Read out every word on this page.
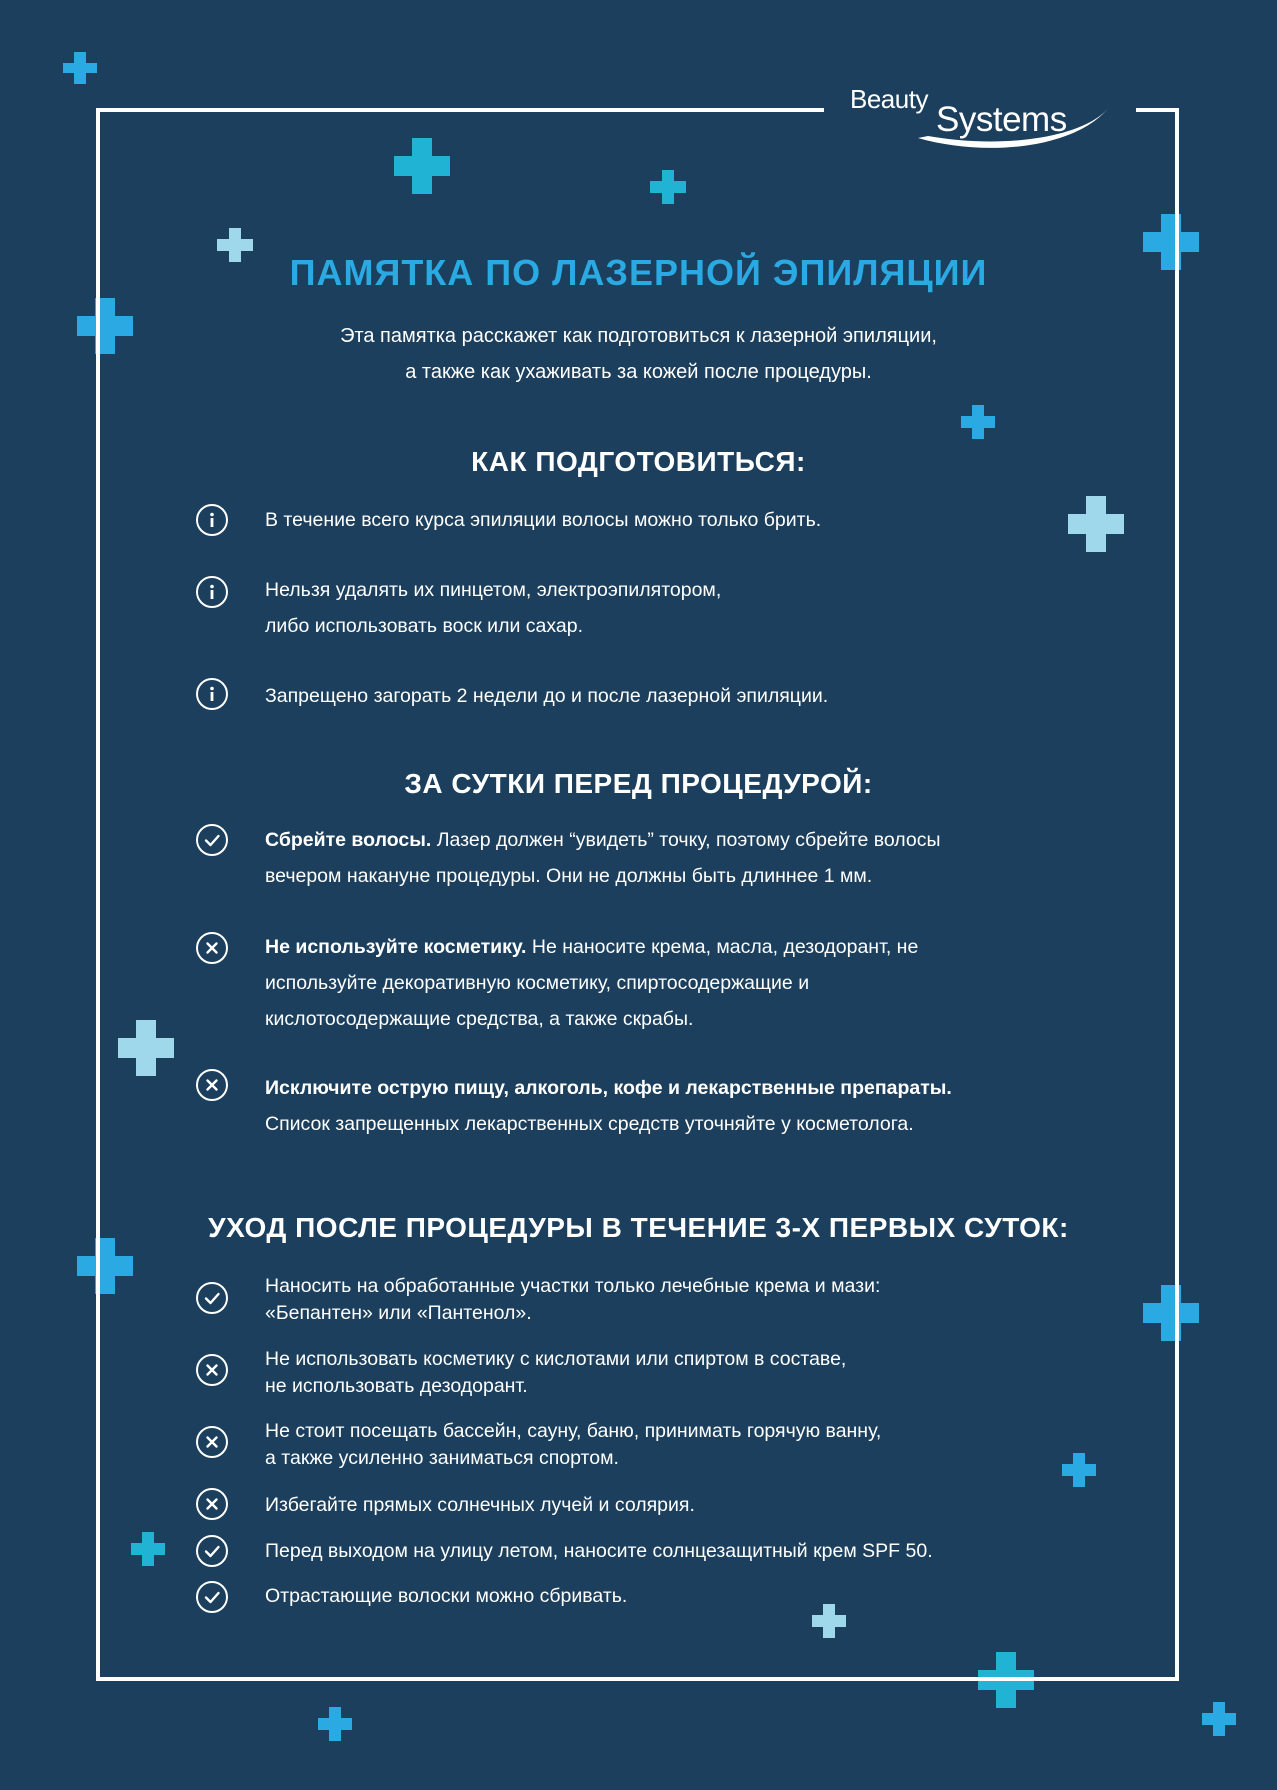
Beauty
Systems
ПАМЯТКА ПО ЛАЗЕРНОЙ ЭПИЛЯЦИИ
Эта памятка расскажет как подготовиться к лазерной эпиляции,
а также как ухаживать за кожей после процедуры.
КАК ПОДГОТОВИТЬСЯ:
В течение всего курса эпиляции волосы можно только брить.
Нельзя удалять их пинцетом, электроэпилятором,
либо использовать воск или сахар.
Запрещено загорать 2 недели до и после лазерной эпиляции.
ЗА СУТКИ ПЕРЕД ПРОЦЕДУРОЙ:
Сбрейте волосы. Лазер должен “увидеть” точку, поэтому сбрейте волосы
вечером накануне процедуры. Они не должны быть длиннее 1 мм.
Не используйте косметику. Не наносите крема, масла, дезодорант, не
используйте декоративную косметику, спиртосодержащие и
кислотосодержащие средства, а также скрабы.
Исключите острую пищу, алкоголь, кофе и лекарственные препараты.
Список запрещенных лекарственных средств уточняйте у косметолога.
УХОД ПОСЛЕ ПРОЦЕДУРЫ В ТЕЧЕНИЕ 3-Х ПЕРВЫХ СУТОК:
Наносить на обработанные участки только лечебные крема и мази:
«Бепантен» или «Пантенол».
Не использовать косметику с кислотами или спиртом в составе,
не использовать дезодорант.
Не стоит посещать бассейн, сауну, баню, принимать горячую ванну,
а также усиленно заниматься спортом.
Избегайте прямых солнечных лучей и солярия.
Перед выходом на улицу летом, наносите солнцезащитный крем SPF 50.
Отрастающие волоски можно сбривать.
